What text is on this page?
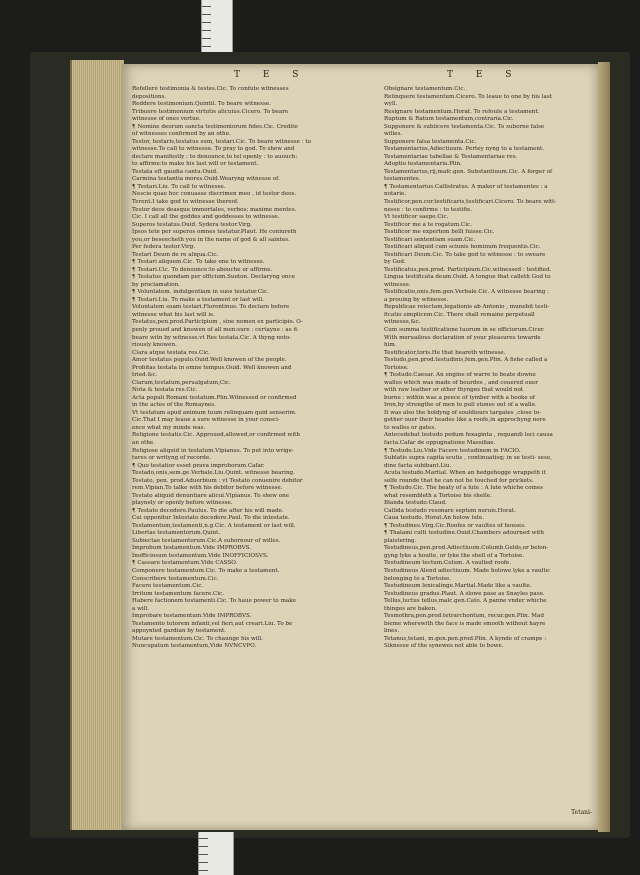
T E S	T E S
Refellere testimonia & testes.Cic. To confute witnesses
depositions.
Reddere testimonium.Quintil. To beare witnesse.
Tribuere testimonium virtutis alicuius.Cicero. To beare
witnesse of ones vertue.
¶ Nomine deorum sancta testimoniorum fides.Cic. Credite
of witnesses confirmed by an othe.
Testor, testaris,testatus sum, testari.Cic. To beare witnesse : to
witnesse.To call to witnesse. To pray to god. To shew and
declare manifestly : to denounce,to tel openly : to auouch:
to affirme:to make his last will or testament.
Testata eft gaudia cantu.Ouid.
Carmina testantia mores.Ouid.Wearyng witnesse of.
¶ Testari.Liu. To call to witnesse.
Nescio quae hoc conuasse discrimen meo , id testor deos.
Terent.I take god to witnesse thereof.
Testor deos deasque immortales, verbos; maxime mentes.
Cic. I call all the goddes and goddesses to witnesse.
Superos testatus.Ouid. Sydera testor.Virg.
Ipsos tete per superos omnes testatur.Plaut. He coniureth
you,or beseecheth you in the name of god & all saintes.
Per federa testor.Virg.
Testari Deum de re aliqua.Cic.
¶ Testari aliquem.Cic. To take one to witnesse.
¶ Testari.Cic. To denounce:to abouche or affirme.
¶ Testatus quondam per officium.Sueton. Declaryng once
by proclamation.
¶ Voluntatem. indulgentiam in suos testatur.Cic.
¶ Testari.Liu. To make a testament or last will.
Voluntatem suam testari.Florentinus. To declare before
witnesse what his last will is.
Testatus,pen.prod.Participium , sine nomen ex participio. O-
penly proued and knowen of all men:sure : certayne : as it
beare witn by witnesse.vt Res testata.Cic. A thyng noto-
riously knowen.
Clara atque testata res.Cic.
Amor testatus populo.Ouid.Well knowen of the people.
Probitas testata in omne tempus.Ouid. Well knowen and
tried.&c.
Clarum,testatum,perualgatum,Cic.
Nota & testata res.Cic.
Acta populi Romani testatum.Plin.Witnessed or confirmed
in the actes of the Romaynes.
Vt testatum apud animum tuum relinquam quid senserim.
Cic.That I may leaue a sure witnesse in your consci-
ence what my minde was.
Religione testatis.Cic. Approued,allowed,or confirmed with
an othe.
Religiose aliquid in testatum.Vlpianus. To put into wrige-
tures or writyng of recorde.
¶ Quo testatior esset prava improborum.Cafar.
Testado,onis,sem.ge.Verbale.Liu.Quint. witnesse bearing.
Testato, pen. prod.Aduerbium : vt Testato conuenire debitor
rem.Vlpian.To talke with his debitor before witnesse.
Testato aliquid denuntiare alicui.Vlpianus. To shew one
playnely or openly before witnesse.
¶ Testato decedere.Paulus. To die after his will made.
Cui opponitur Intestato decedere.Paul. To die intestate.
Testamentum,testamenti,n.g.Cic. A testament or last will.
Libertas testamentorum.Quint.
Subiectae testamentorum.Cic.A subornour of willes.
Improbum testamentum.Vide IMPROBVS.
Inofficiosum testamentum.Vide INOFFICIOSVS.
¶ Cassare testamentum.Vide CASSO.
Componere testamentum.Cic. To make a testament.
Conscribere testamentum.Cic.
Facere testamentum.Cic.
Irritum testamentum facere.Cic.
Habere factionem testamenti.Cic. To haue power to make
a will.
Improbare testamentum.Vide IMPROBVS.
Testamento tutorem infanti,vel fieri,aut creari.Liu. To be
appoynted gardian by testament.
Mutare testamentum.Cic. To chaunge his will.
Nuncupatum testamentum,Vide NVNCVPO.
Obsignare testamentum.Cic.
Relinquere testamentum.Cicero. To leaue to one by his last
wyll.
Resignare testamentum.Horat. To refoule a testament.
Ruptum & Ratum testamentum,contraria.Cic.
Supponere & subiicere testamenta.Cic. To suborne false
willes.
Supponere falsa testamenta.Cic.
Testamentarius,Adiectiuum. Pertey nyng to a testament.
Testamentariae tabellae & Testamentariae res.
Adoptio testamentaria.Plin.
Testamentarius,rij,mafc.gen. Substantiuum.Cic. A forger of
testamentes.
¶ Testamentarius.Callistratus. A maker of testamentes : a
notarie.
Testificor,pen.cor.testificaris,testificari.Cicero. To beare witt-
nesse : to confirme : to testifie.
Vt testificor saepe.Cic.
Testificor me à te rogatum.Cic.
Testificor me expertem belli fuisse.Cic.
Testificari sententiam suam.Cic.
Testificari aliquid cum sciunis hominum frequentis.Cic.
Testificari Deum.Cic. To take god to witnesse : to sweare
by God.
Testificatus,pen.prod. Participium.Cic.witnessed : testified.
Lingua testificata deum.Ouid. A tongue that calleth God to
witnesse.
Testificatio,onis,fem.gen.Verbale.Cic. A witnesse bearing :
a prouing by witnesse.
Republicae reiectam,legationis ab Antonio , munebit testi-
ficatio simplicem.Cic. There shall remaine perpetuall
witnesse,&c.
Cum summa testificatione tuorum in se officiorum.Cicer.
With meruailous declaration of your pleasures towarde
him.
Testificator,toris.He that beareth witnesse.
Testudo,pen.prod.testudinis,fem.gen.Plin. A fishe called a
Tortoise.
¶ Testudo.Caesar. An engine of warre to beate downe
walles which was made of bourdes , and couered ouer
with raw leather or other thynges that would not
burne : within was a peece of tymber with a hooke of
Iron,by strengthe of men to pull stones out of a walle.
It was also the holdyng of souldiours targates ,close to-
gether ouer their heades like a roofe,in approchyng nere
to walles or gates.
Antecedebat testudo pedum fexaginta , requandi loci causa
facta.Cafar de oppugnatione Massiliae.
¶ Testudo.Liu.Vide Facere testudinem in FACIO.
Sublatis supra capita scutis , continuatisq; in se testi- sese,
dine facta subibant.Liu.
Acuta testudo.Martial. When an hedgehogge wrappeth it
selfe rounde that he can not be touched for prickets.
¶ Testudo.Cic. The beaty of a lute : A lute whiche comes
what resembleth a Tortoise his shelle.
Blanda testudo.Claud.
Callida testudo resonare septem neruis.Horat.
Caua testudo. Horat.An holow lute.
¶ Testudines.Virg.Cic.Roofes or vaultes of houses.
¶ Thalami culti testudine.Ouid.Chambers adourned with
plaistering.
Testudineus,pen.prod.Adiectiuum.Columb.Gelds,or belon-
gyng lyke a houlte, or lyke the shell of a Tortoise.
Testudineum tectum.Colum. A vaulted roofe.
Testudineus Alend adiectiuum. Made holowe lyke a vaulte:
belonging to a Tortoise.
Testudineum lexicalinge.Martial.Made like a vaulte.
Testudineus gradus.Plaut. A slowe pase as Snayles pase.
Tellus,luctus tellus,malc.gen.Cato. A panne vnder whiche
thinges are baken.
Tesmothra,pen.prod.tetrarchontum, recur.gen.Plin. Mad
bieme wherewith the face is made smooth without hayre
lines.
Tetanus,tetani, m.gen.pen.prod.Plin. A kynde of crampe :
Siknesse of the synewes not able to bowe.
Tetani-
